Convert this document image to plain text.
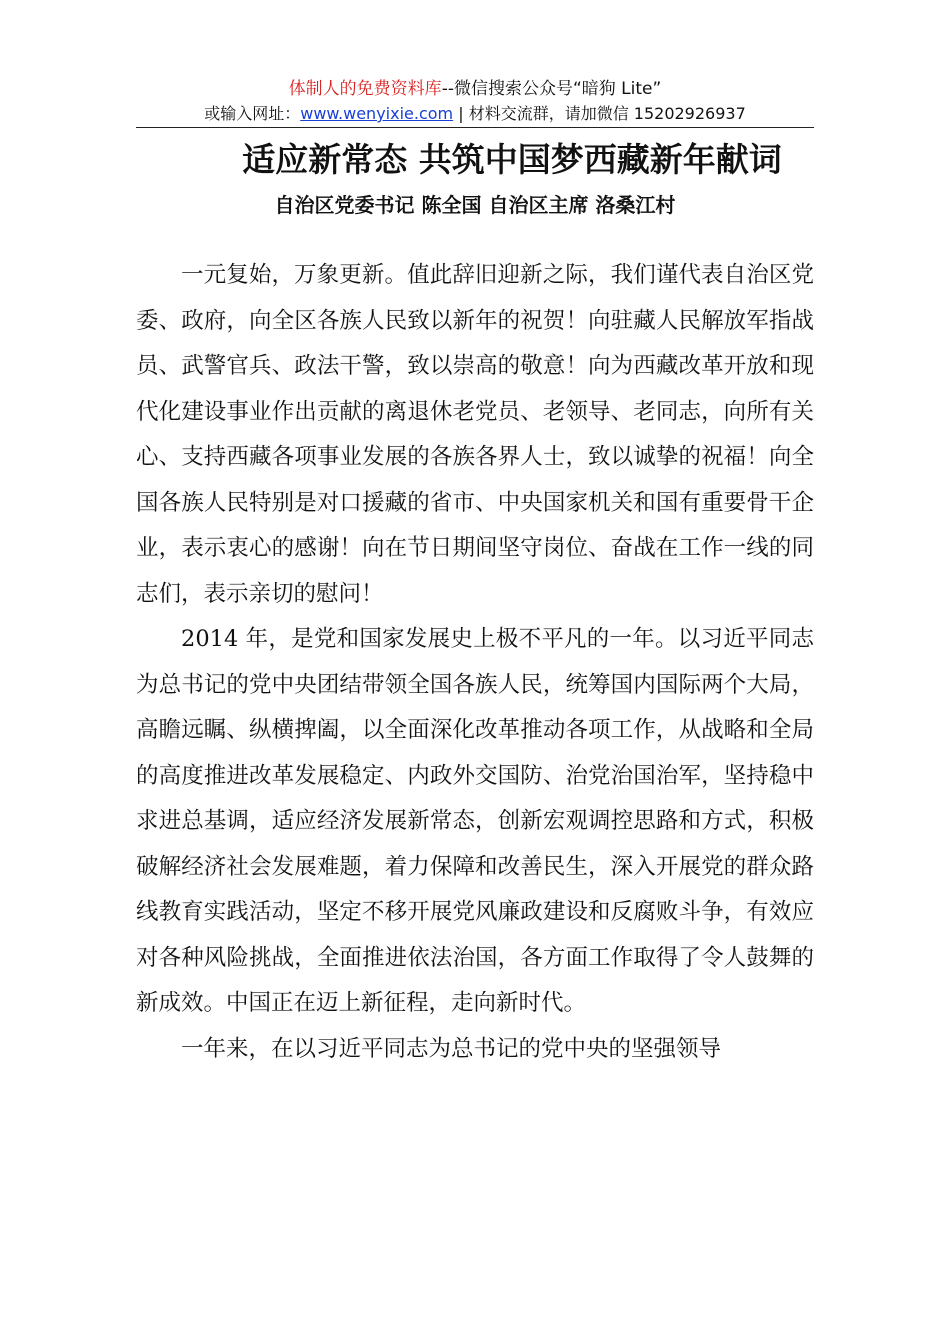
体制人的免费资料库--微信搜索公众号“暗狗 Lite”
或输入网址：www.wenyixie.com | 材料交流群，请加微信 15202926937
适应新常态 共筑中国梦西藏新年献词
自治区党委书记 陈全国 自治区主席 洛桑江村

一元复始，万象更新。值此辞旧迎新之际，我们谨代表自治区党委、政府，向全区各族人民致以新年的祝贺！向驻藏人民解放军指战员、武警官兵、政法干警，致以崇高的敬意！向为西藏改革开放和现代化建设事业作出贡献的离退休老党员、老领导、老同志，向所有关心、支持西藏各项事业发展的各族各界人士，致以诚挚的祝福！向全国各族人民特别是对口援藏的省市、中央国家机关和国有重要骨干企业，表示衷心的感谢！向在节日期间坚守岗位、奋战在工作一线的同志们，表示亲切的慰问！

2014 年，是党和国家发展史上极不平凡的一年。以习近平同志为总书记的党中央团结带领全国各族人民，统筹国内国际两个大局，高瞻远瞩、纵横捭阖，以全面深化改革推动各项工作，从战略和全局的高度推进改革发展稳定、内政外交国防、治党治国治军，坚持稳中求进总基调，适应经济发展新常态，创新宏观调控思路和方式，积极破解经济社会发展难题，着力保障和改善民生，深入开展党的群众路线教育实践活动，坚定不移开展党风廉政建设和反腐败斗争，有效应对各种风险挑战，全面推进依法治国，各方面工作取得了令人鼓舞的新成效。中国正在迈上新征程，走向新时代。

一年来，在以习近平同志为总书记的党中央的坚强领导
